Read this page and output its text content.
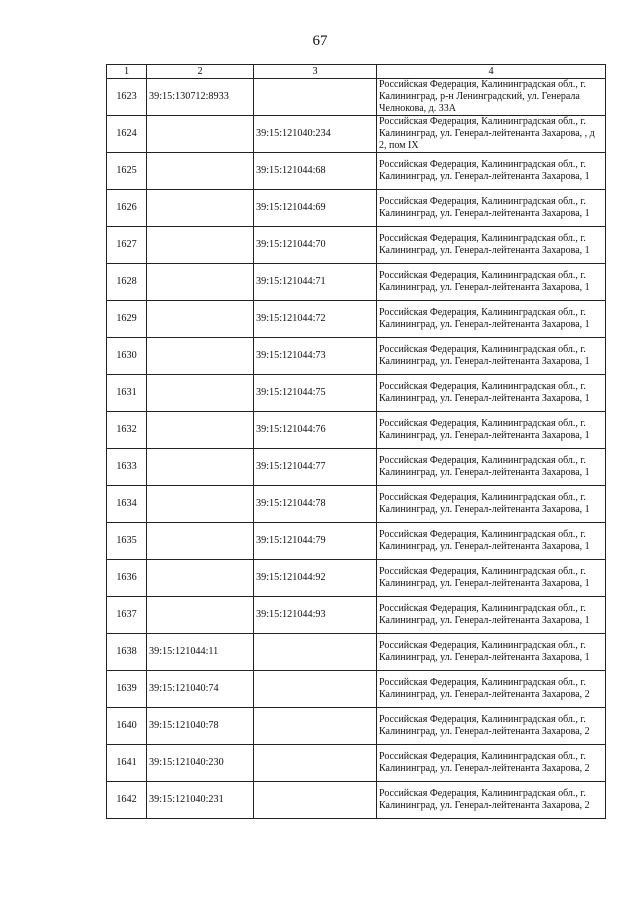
67
1	2	3	4
1623	39:15:130712:8933		Российская Федерация, Калининградская обл., г. Калининград, р-н Ленинградский, ул. Генерала Челнокова, д. 33А
1624		39:15:121040:234	Российская Федерация, Калининградская обл., г. Калининград, ул. Генерал-лейтенанта Захарова, , д 2, пом IX
1625		39:15:121044:68	Российская Федерация, Калининградская обл., г. Калининград, ул. Генерал-лейтенанта Захарова, 1
1626		39:15:121044:69	Российская Федерация, Калининградская обл., г. Калининград, ул. Генерал-лейтенанта Захарова, 1
1627		39:15:121044:70	Российская Федерация, Калининградская обл., г. Калининград, ул. Генерал-лейтенанта Захарова, 1
1628		39:15:121044:71	Российская Федерация, Калининградская обл., г. Калининград, ул. Генерал-лейтенанта Захарова, 1
1629		39:15:121044:72	Российская Федерация, Калининградская обл., г. Калининград, ул. Генерал-лейтенанта Захарова, 1
1630		39:15:121044:73	Российская Федерация, Калининградская обл., г. Калининград, ул. Генерал-лейтенанта Захарова, 1
1631		39:15:121044:75	Российская Федерация, Калининградская обл., г. Калининград, ул. Генерал-лейтенанта Захарова, 1
1632		39:15:121044:76	Российская Федерация, Калининградская обл., г. Калининград, ул. Генерал-лейтенанта Захарова, 1
1633		39:15:121044:77	Российская Федерация, Калининградская обл., г. Калининград, ул. Генерал-лейтенанта Захарова, 1
1634		39:15:121044:78	Российская Федерация, Калининградская обл., г. Калининград, ул. Генерал-лейтенанта Захарова, 1
1635		39:15:121044:79	Российская Федерация, Калининградская обл., г. Калининград, ул. Генерал-лейтенанта Захарова, 1
1636		39:15:121044:92	Российская Федерация, Калининградская обл., г. Калининград, ул. Генерал-лейтенанта Захарова, 1
1637		39:15:121044:93	Российская Федерация, Калининградская обл., г. Калининград, ул. Генерал-лейтенанта Захарова, 1
1638	39:15:121044:11		Российская Федерация, Калининградская обл., г. Калининград, ул. Генерал-лейтенанта Захарова, 1
1639	39:15:121040:74		Российская Федерация, Калининградская обл., г. Калининград, ул. Генерал-лейтенанта Захарова, 2
1640	39:15:121040:78		Российская Федерация, Калининградская обл., г. Калининград, ул. Генерал-лейтенанта Захарова, 2
1641	39:15:121040:230		Российская Федерация, Калининградская обл., г. Калининград, ул. Генерал-лейтенанта Захарова, 2
1642	39:15:121040:231		Российская Федерация, Калининградская обл., г. Калининград, ул. Генерал-лейтенанта Захарова, 2
